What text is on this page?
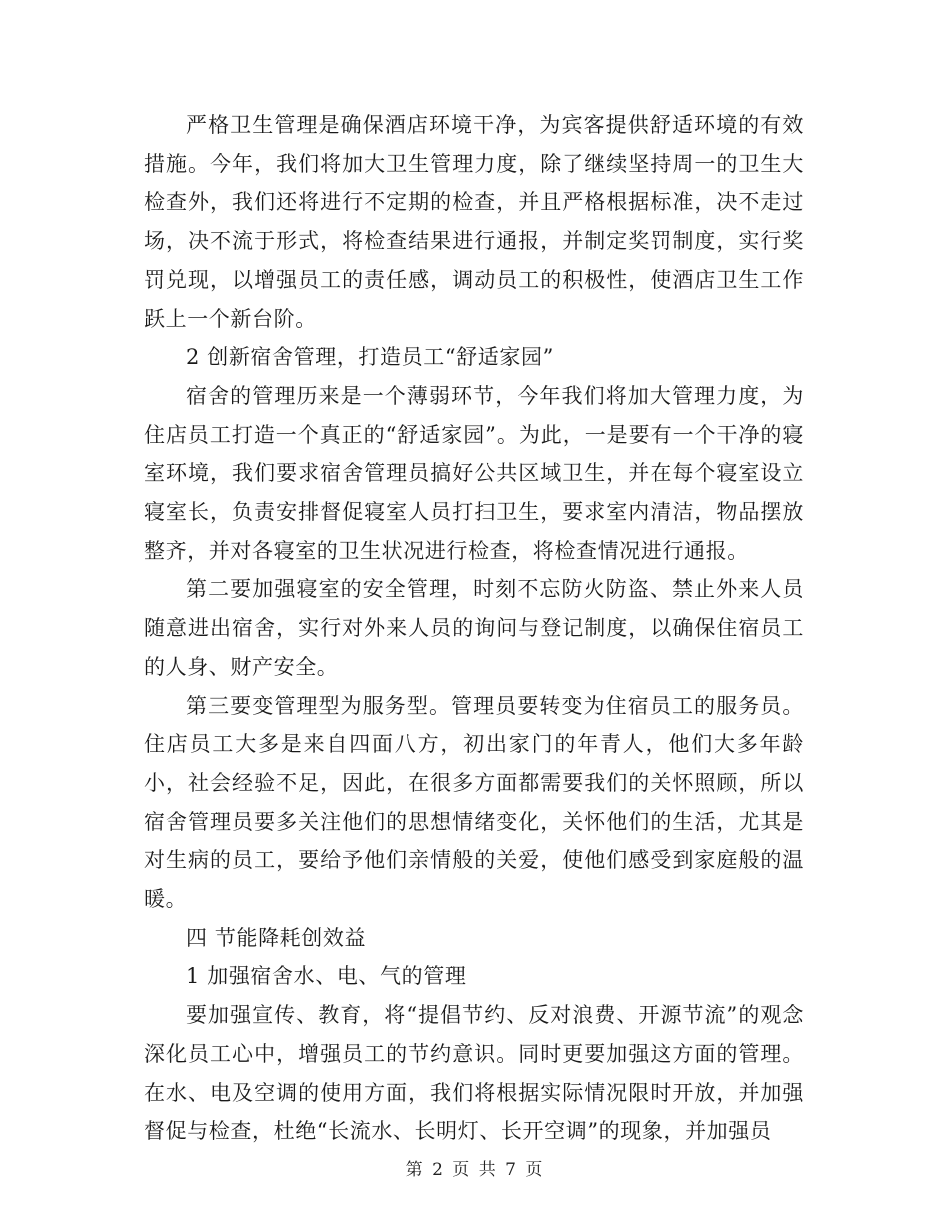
严格卫生管理是确保酒店环境干净，为宾客提供舒适环境的有效措施。今年，我们将加大卫生管理力度，除了继续坚持周一的卫生大检查外，我们还将进行不定期的检查，并且严格根据标准，决不走过场，决不流于形式，将检查结果进行通报，并制定奖罚制度，实行奖罚兑现，以增强员工的责任感，调动员工的积极性，使酒店卫生工作跃上一个新台阶。

2 创新宿舍管理，打造员工“舒适家园”

宿舍的管理历来是一个薄弱环节，今年我们将加大管理力度，为住店员工打造一个真正的“舒适家园”。为此，一是要有一个干净的寝室环境，我们要求宿舍管理员搞好公共区域卫生，并在每个寝室设立寝室长，负责安排督促寝室人员打扫卫生，要求室内清洁，物品摆放整齐，并对各寝室的卫生状况进行检查，将检查情况进行通报。

第二要加强寝室的安全管理，时刻不忘防火防盗、禁止外来人员随意进出宿舍，实行对外来人员的询问与登记制度，以确保住宿员工的人身、财产安全。

第三要变管理型为服务型。管理员要转变为住宿员工的服务员。住店员工大多是来自四面八方，初出家门的年青人，他们大多年龄小，社会经验不足，因此，在很多方面都需要我们的关怀照顾，所以宿舍管理员要多关注他们的思想情绪变化，关怀他们的生活，尤其是对生病的员工，要给予他们亲情般的关爱，使他们感受到家庭般的温暖。

四 节能降耗创效益

1 加强宿舍水、电、气的管理

要加强宣传、教育，将“提倡节约、反对浪费、开源节流”的观念深化员工心中，增强员工的节约意识。同时更要加强这方面的管理。在水、电及空调的使用方面，我们将根据实际情况限时开放，并加强督促与检查，杜绝“长流水、长明灯、长开空调”的现象，并加强员

第 2 页 共 7 页
